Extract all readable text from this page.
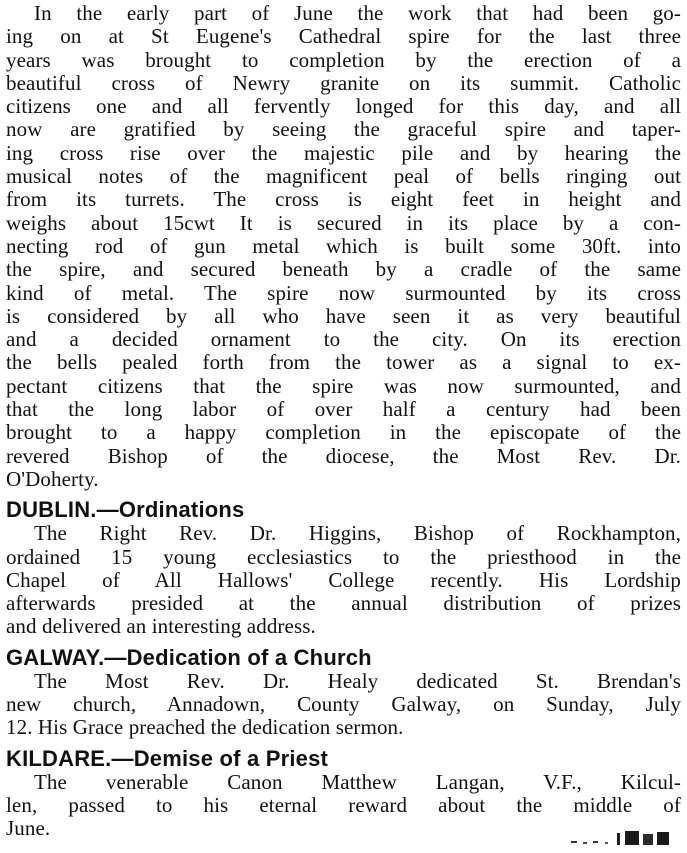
In the early part of June the work that had been go-
ing on at St Eugene's Cathedral spire for the last three
years was brought to completion by the erection of a
beautiful cross of Newry granite on its summit. Catholic
citizens one and all fervently longed for this day, and all
now are gratified by seeing the graceful spire and taper-
ing cross rise over the majestic pile and by hearing the
musical notes of the magnificent peal of bells ringing out
from its turrets. The cross is eight feet in height and
weighs about 15cwt It is secured in its place by a con-
necting rod of gun metal which is built some 30ft. into
the spire, and secured beneath by a cradle of the same
kind of metal. The spire now surmounted by its cross
is considered by all who have seen it as very beautiful
and a decided ornament to the city. On its erection
the bells pealed forth from the tower as a signal to ex-
pectant citizens that the spire was now surmounted, and
that the long labor of over half a century had been
brought to a happy completion in the episcopate of the
revered Bishop of the diocese, the Most Rev. Dr.
O'Doherty.

DUBLIN.—Ordinations

The Right Rev. Dr. Higgins, Bishop of Rockhampton,
ordained 15 young ecclesiastics to the priesthood in the
Chapel of All Hallows' College recently. His Lordship
afterwards presided at the annual distribution of prizes
and delivered an interesting address.

GALWAY.—Dedication of a Church

The Most Rev. Dr. Healy dedicated St. Brendan's
new church, Annadown, County Galway, on Sunday, July
12. His Grace preached the dedication sermon.

KILDARE.—Demise of a Priest

The venerable Canon Matthew Langan, V.F., Kilcul-
len, passed to his eternal reward about the middle of
June.
